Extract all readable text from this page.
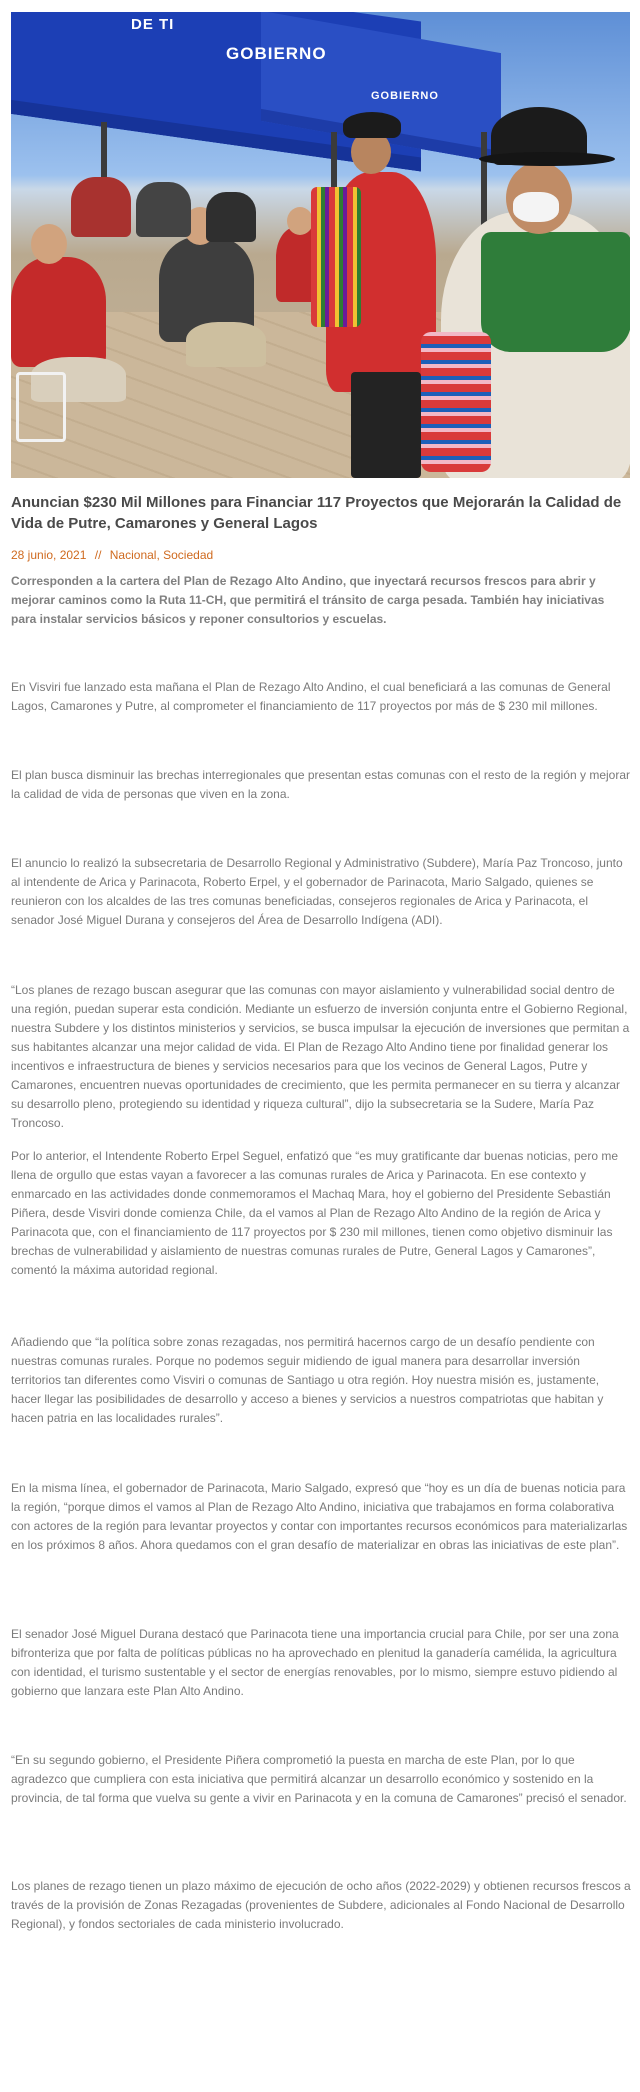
DE TI
GOBIERNO
GOBIERNO
Anuncian $230 Mil Millones para Financiar 117 Proyectos que Mejorarán la Calidad de Vida de Putre, Camarones y General Lagos
28 junio, 2021 // Nacional, Sociedad

Corresponden a la cartera del Plan de Rezago Alto Andino, que inyectará recursos frescos para abrir y mejorar caminos como la Ruta 11-CH, que permitirá el tránsito de carga pesada. También hay iniciativas para instalar servicios básicos y reponer consultorios y escuelas.

En Visviri fue lanzado esta mañana el Plan de Rezago Alto Andino, el cual beneficiará a las comunas de General Lagos, Camarones y Putre, al comprometer el financiamiento de 117 proyectos por más de $ 230 mil millones.

El plan busca disminuir las brechas interregionales que presentan estas comunas con el resto de la región y mejorar la calidad de vida de personas que viven en la zona.

El anuncio lo realizó la subsecretaria de Desarrollo Regional y Administrativo (Subdere), María Paz Troncoso, junto al intendente de Arica y Parinacota, Roberto Erpel, y el gobernador de Parinacota, Mario Salgado, quienes se reunieron con los alcaldes de las tres comunas beneficiadas, consejeros regionales de Arica y Parinacota, el senador José Miguel Durana y consejeros del Área de Desarrollo Indígena (ADI).

“Los planes de rezago buscan asegurar que las comunas con mayor aislamiento y vulnerabilidad social dentro de una región, puedan superar esta condición. Mediante un esfuerzo de inversión conjunta entre el Gobierno Regional, nuestra Subdere y los distintos ministerios y servicios, se busca impulsar la ejecución de inversiones que permitan a sus habitantes alcanzar una mejor calidad de vida. El Plan de Rezago Alto Andino tiene por finalidad generar los incentivos e infraestructura de bienes y servicios necesarios para que los vecinos de General Lagos, Putre y Camarones, encuentren nuevas oportunidades de crecimiento, que les permita permanecer en su tierra y alcanzar su desarrollo pleno, protegiendo su identidad y riqueza cultural”, dijo la subsecretaria se la Sudere, María Paz Troncoso.

Por lo anterior, el Intendente Roberto Erpel Seguel, enfatizó que “es muy gratificante dar buenas noticias, pero me llena de orgullo que estas vayan a favorecer a las comunas rurales de Arica y Parinacota. En ese contexto y enmarcado en las actividades donde conmemoramos el Machaq Mara, hoy el gobierno del Presidente Sebastián Piñera, desde Visviri donde comienza Chile, da el vamos al Plan de Rezago Alto Andino de la región de Arica y Parinacota que, con el financiamiento de 117 proyectos por $ 230 mil millones, tienen como objetivo disminuir las brechas de vulnerabilidad y aislamiento de nuestras comunas rurales de Putre, General Lagos y Camarones”, comentó la máxima autoridad regional.

Añadiendo que “la política sobre zonas rezagadas, nos permitirá hacernos cargo de un desafío pendiente con nuestras comunas rurales. Porque no podemos seguir midiendo de igual manera para desarrollar inversión territorios tan diferentes como Visviri o comunas de Santiago u otra región. Hoy nuestra misión es, justamente, hacer llegar las posibilidades de desarrollo y acceso a bienes y servicios a nuestros compatriotas que habitan y hacen patria en las localidades rurales”.

En la misma línea, el gobernador de Parinacota, Mario Salgado, expresó que “hoy es un día de buenas noticia para la región, “porque dimos el vamos al Plan de Rezago Alto Andino, iniciativa que trabajamos en forma colaborativa con actores de la región para levantar proyectos y contar con importantes recursos económicos para materializarlas en los próximos 8 años. Ahora quedamos con el gran desafío de materializar en obras las iniciativas de este plan”.

El senador José Miguel Durana destacó que Parinacota tiene una importancia crucial para Chile, por ser una zona bifronteriza que por falta de políticas públicas no ha aprovechado en plenitud la ganadería camélida, la agricultura con identidad, el turismo sustentable y el sector de energías renovables, por lo mismo, siempre estuvo pidiendo al gobierno que lanzara este Plan Alto Andino.

“En su segundo gobierno, el Presidente Piñera comprometió la puesta en marcha de este Plan, por lo que agradezco que cumpliera con esta iniciativa que permitirá alcanzar un desarrollo económico y sostenido en la provincia, de tal forma que vuelva su gente a vivir en Parinacota y en la comuna de Camarones” precisó el senador.

Los planes de rezago tienen un plazo máximo de ejecución de ocho años (2022-2029) y obtienen recursos frescos a través de la provisión de Zonas Rezagadas (provenientes de Subdere, adicionales al Fondo Nacional de Desarrollo Regional), y fondos sectoriales de cada ministerio involucrado.
